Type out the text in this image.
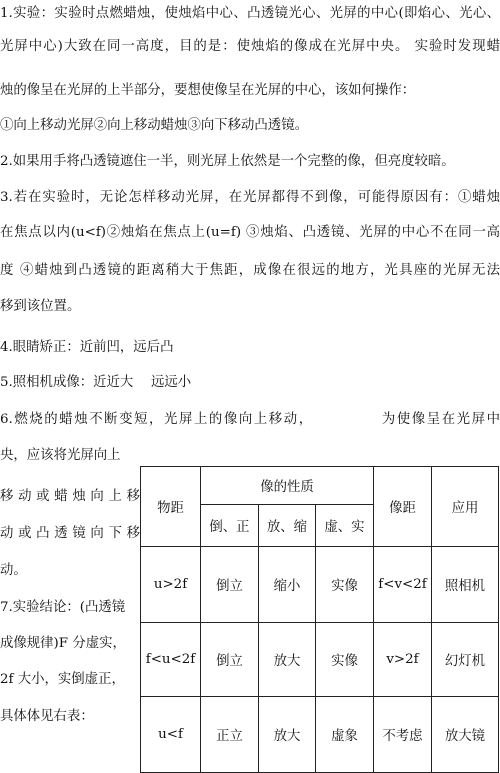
1.实验：实验时点燃蜡烛，使烛焰中心、凸透镜光心、光屏的中心(即焰心、光心、
光屏中心)大致在同一高度，目的是：使烛焰的像成在光屏中央。 实验时发现蜡
烛的像呈在光屏的上半部分，要想使像呈在光屏的中心，该如何操作：
①向上移动光屏②向上移动蜡烛③向下移动凸透镜。
2.如果用手将凸透镜遮住一半，则光屏上依然是一个完整的像，但亮度较暗。
3.若在实验时，无论怎样移动光屏，在光屏都得不到像，可能得原因有：①蜡烛
在焦点以内(u<f)②烛焰在焦点上(u=f) ③烛焰、凸透镜、光屏的中心不在同一高
度 ④蜡烛到凸透镜的距离稍大于焦距，成像在很远的地方，光具座的光屏无法
移到该位置。
4.眼睛矫正：近前凹，远后凸
5.照相机成像：近近大　 远远小
6.燃烧的蜡烛不断变短，光屏上的像向上移动，　　　　　为使像呈在光屏中
央，应该将光屏向上
移动或蜡烛向上移
动或凸透镜向下移
动。
7.实验结论：(凸透镜
成像规律)F 分虚实，
2f 大小，实倒虚正，
具体体见右表：
物距	像的性质			像距	应用
	倒、正	放、缩	虚、实		
u>2f	倒立	缩小	实像	f<v<2f	照相机
f<u<2f	倒立	放大	实像	v>2f	幻灯机
u<f	正立	放大	虚象	不考虑	放大镜
